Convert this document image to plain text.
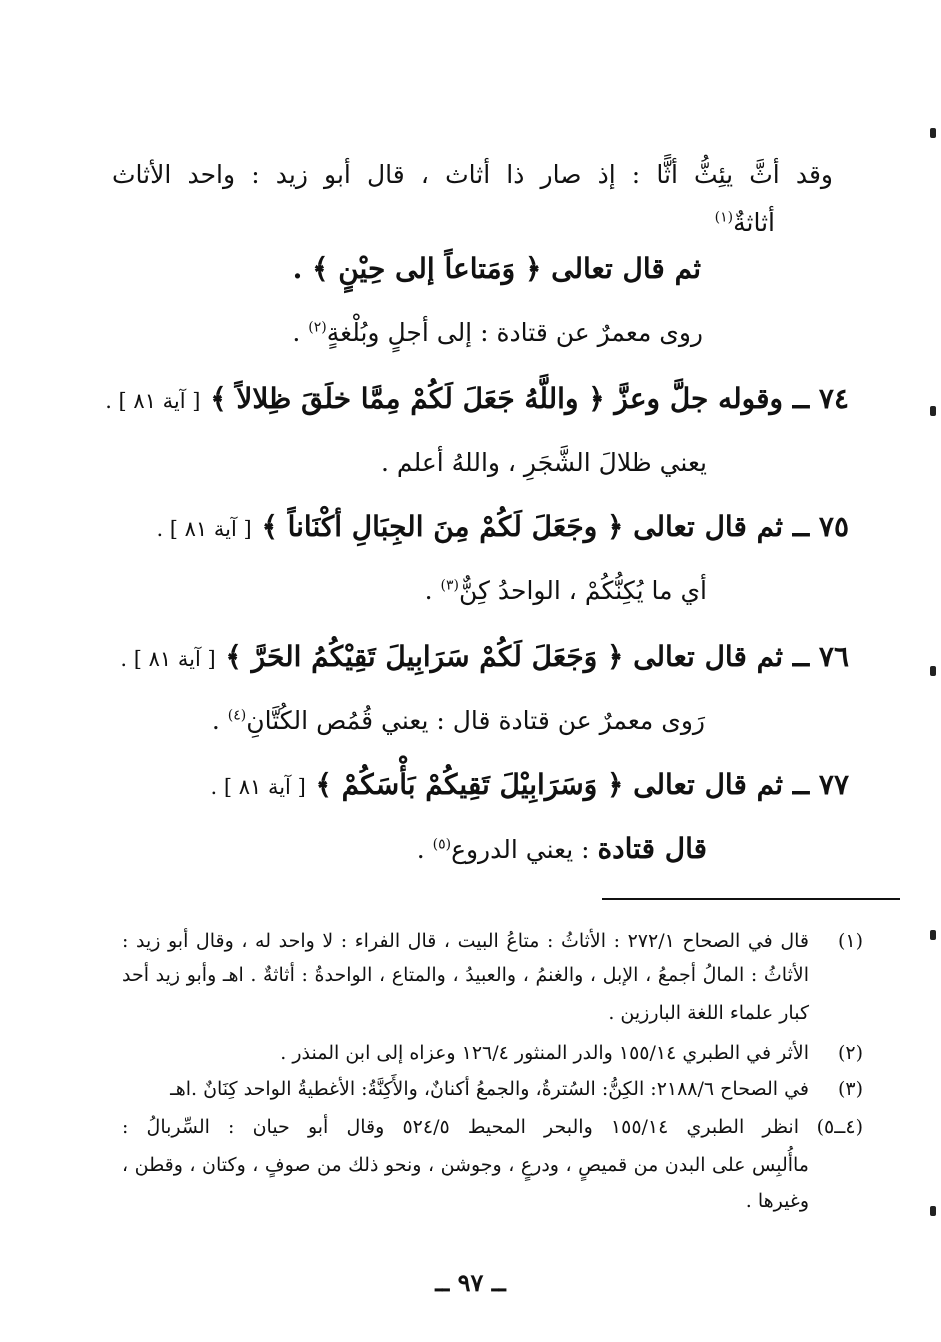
وقد أثَّ يئِثُّ أثًّا : إذ صار ذا أثاث ، قال أبو زيد : واحد الأثاث
أثاثةٌ$^{(١)}$
ثم قال تعالى ﴿ وَمَتاعاً إلى حِيْنٍ ﴾ .
روى معمرٌ عن قتادة : إلى أجلٍ وبُلْغةٍ$^{(٢)}$ .
٧٤ ــ وقوله جلَّ وعزَّ ﴿ واللَّهُ جَعَلَ لَكُمْ مِمَّا خلَقَ ظِلالاً ﴾ [ آية ٨١ ] .
يعني ظلالَ الشَّجَرِ ، واللهُ أعلم .
٧٥ ــ ثم قال تعالى ﴿ وجَعَلَ لَكُمْ مِنَ الجِبَالِ أكْنَاناً ﴾ [ آية ٨١ ] .
أي ما يُكِنُّكُمْ ، الواحدُ كِنٌّ$^{(٣)}$ .
٧٦ ــ ثم قال تعالى ﴿ وَجَعَلَ لَكُمْ سَرَابِيلَ تَقِيْكُمُ الحَرَّ ﴾ [ آية ٨١ ] .
رَوى معمرٌ عن قتادة قال : يعني قُمُص الكُتَّانِ$^{(٤)}$ .
٧٧ ــ ثم قال تعالى ﴿ وَسَرَابِيْلَ تَقِيكُمْ بَأْسَكُمْ ﴾ [ آية ٨١ ] .
قال قتادة : يعني الدروع$^{(٥)}$ .
(١)
قال في الصحاح ٢٧٢/١ : الأثاثُ : متاعُ البيت ، قال الفراء : لا واحد له ، وقال أبو زيد :
الأثاثُ : المالُ أجمعُ ، الإبل ، والغنمُ ، والعبيدُ ، والمتاع ، الواحدةُ : أثاثةٌ . اهـ وأبو زيد أحد
كبار علماء اللغة البارزين .
(٢)
الأثر في الطبري ١٥٥/١٤ والدر المنثور ١٢٦/٤ وعزاه إلى ابن المنذر .
(٣)
في الصحاح ٢١٨٨/٦: الكِنُّ: السُترةُ، والجمعُ أكنانٌ، والأَكِنَّةُ: الأغطيةُ الواحد كِنَانٌ .اهـ
(٤ــ٥)
انظر الطبري ١٥٥/١٤ والبحر المحيط ٥٢٤/٥ وقال أبو حيان : السِّربالُ :
ماأُلبِس على البدن من قميصٍ ، ودرعٍ ، وجوشن ، ونحو ذلك من صوفٍ ، وكتان ، وقطن ،
وغيرها .
ــ ٩٧ ــ
